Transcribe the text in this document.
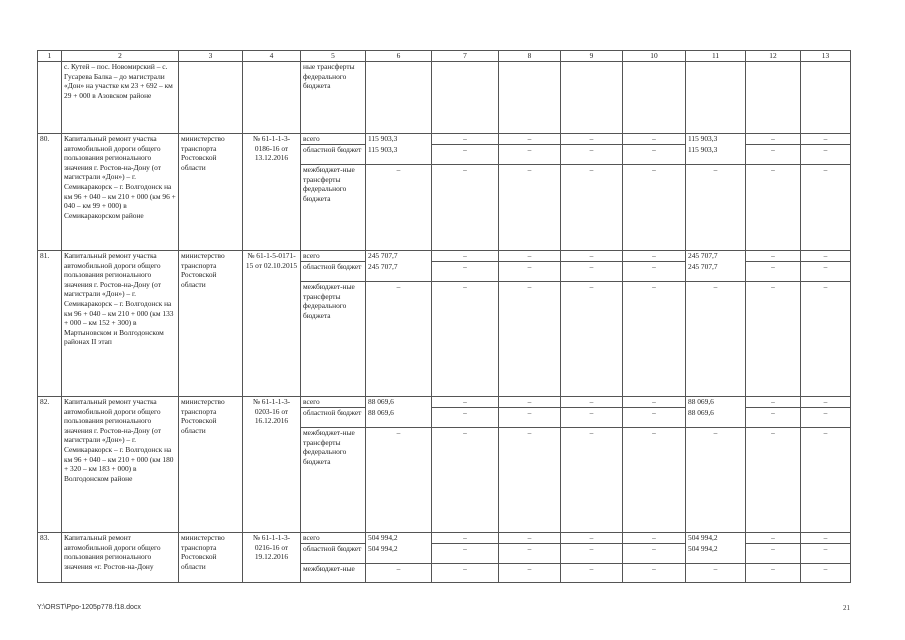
1	2	3	4	5	6	7	8	9	10	11	12	13
	с. Кутей – пос. Новомирский – с. Гусарева Балка – до магистрали «Дон» на участке км 23 + 692 – км 29 + 000 в Азовском районе			ные трансферты федерального бюджета								
80.	Капитальный ремонт участка автомобильной дороги общего пользования регионального значения г. Ростов-на-Дону (от магистрали «Дон») – г. Семикаракорск – г. Волгодонск на км 96 + 040 – км 210 + 000 (км 96 + 040 – км 99 + 000) в Семикаракорском районе	министерство транспорта Ростовской области	№ 61-1-1-3-0186-16 от 13.12.2016	всего	115 903,3	–	–	–	–	115 903,3	–	–
				областной бюджет	115 903,3	–	–	–	–	115 903,3	–	–
				межбюджет-ные трансферты федерального бюджета	–	–	–	–	–	–	–	–
81.	Капитальный ремонт участка автомобильной дороги общего пользования регионального значения г. Ростов-на-Дону (от магистрали «Дон») – г. Семикаракорск – г. Волгодонск на км 96 + 040 – км 210 + 000 (км 133 + 000 – км 152 + 300) в Мартыновском и Волгодонском районах II этап	министерство транспорта Ростовской области	№ 61-1-5-0171-15 от 02.10.2015	всего	245 707,7	–	–	–	–	245 707,7	–	–
				областной бюджет	245 707,7	–	–	–	–	245 707,7	–	–
				межбюджет-ные трансферты федерального бюджета	–	–	–	–	–	–	–	–
82.	Капитальный ремонт участка автомобильной дороги общего пользования регионального значения г. Ростов-на-Дону (от магистрали «Дон») – г. Семикаракорск – г. Волгодонск на км 96 + 040 – км 210 + 000 (км 180 + 320 – км 183 + 000) в Волгодонском районе	министерство транспорта Ростовской области	№ 61-1-1-3-0203-16 от 16.12.2016	всего	88 069,6	–	–	–	–	88 069,6	–	–
				областной бюджет	88 069,6	–	–	–	–	88 069,6	–	–
				межбюджет-ные трансферты федерального бюджета	–	–	–	–	–	–	–	–
83.	Капитальный ремонт автомобильной дороги общего пользования регионального значения «г. Ростов-на-Дону	министерство транспорта Ростовской области	№ 61-1-1-3-0216-16 от 19.12.2016	всего	504 994,2	–	–	–	–	504 994,2	–	–
				областной бюджет	504 994,2	–	–	–	–	504 994,2	–	–
				межбюджет-ные	–	–	–	–	–	–	–	–
Y:\ORST\Ppo-1205p778.f18.docx	21
